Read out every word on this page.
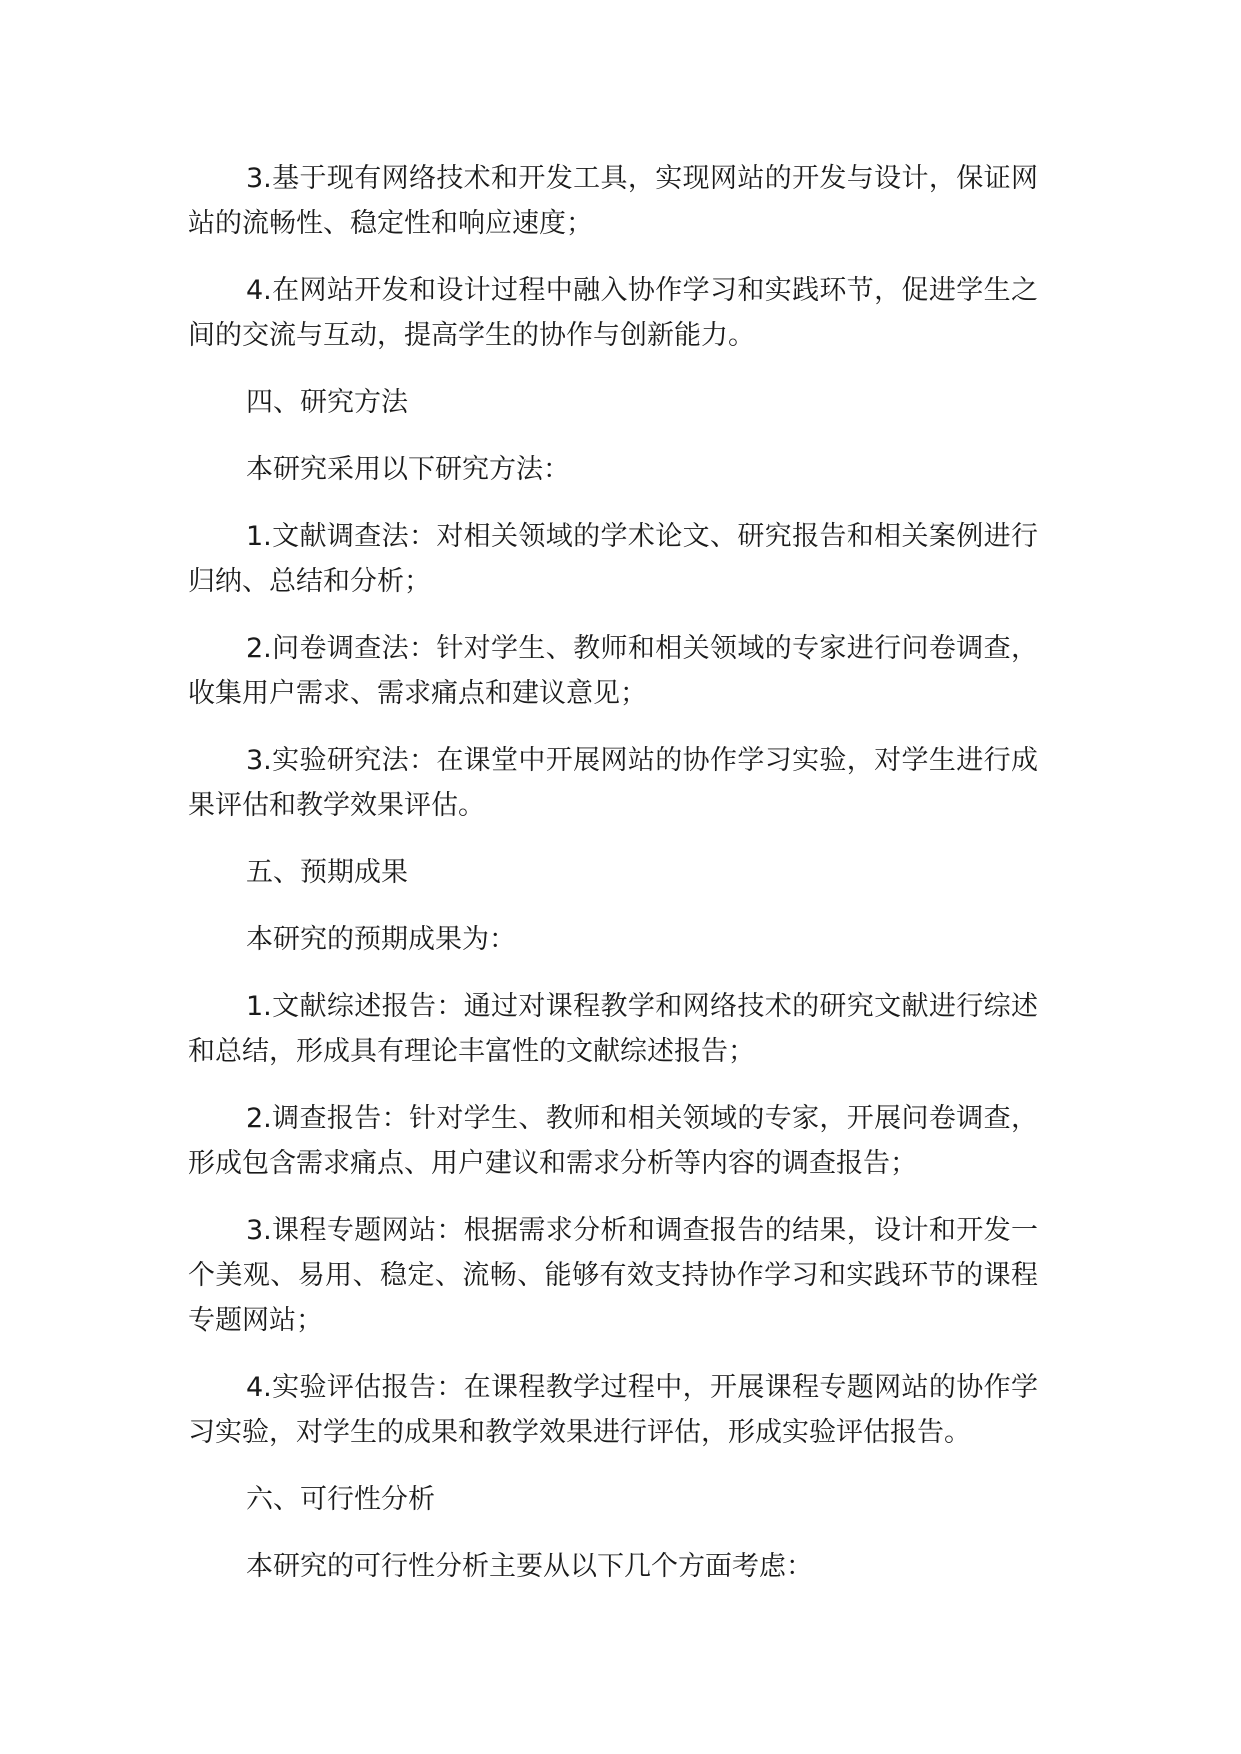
3.基于现有网络技术和开发工具，实现网站的开发与设计，保证网站的流畅性、稳定性和响应速度；

4.在网站开发和设计过程中融入协作学习和实践环节，促进学生之间的交流与互动，提高学生的协作与创新能力。

四、研究方法

本研究采用以下研究方法：

1.文献调查法：对相关领域的学术论文、研究报告和相关案例进行归纳、总结和分析；

2.问卷调查法：针对学生、教师和相关领域的专家进行问卷调查，收集用户需求、需求痛点和建议意见；

3.实验研究法：在课堂中开展网站的协作学习实验，对学生进行成果评估和教学效果评估。

五、预期成果

本研究的预期成果为：

1.文献综述报告：通过对课程教学和网络技术的研究文献进行综述和总结，形成具有理论丰富性的文献综述报告；

2.调查报告：针对学生、教师和相关领域的专家，开展问卷调查，形成包含需求痛点、用户建议和需求分析等内容的调查报告；

3.课程专题网站：根据需求分析和调查报告的结果，设计和开发一个美观、易用、稳定、流畅、能够有效支持协作学习和实践环节的课程专题网站；

4.实验评估报告：在课程教学过程中，开展课程专题网站的协作学习实验，对学生的成果和教学效果进行评估，形成实验评估报告。

六、可行性分析

本研究的可行性分析主要从以下几个方面考虑：
